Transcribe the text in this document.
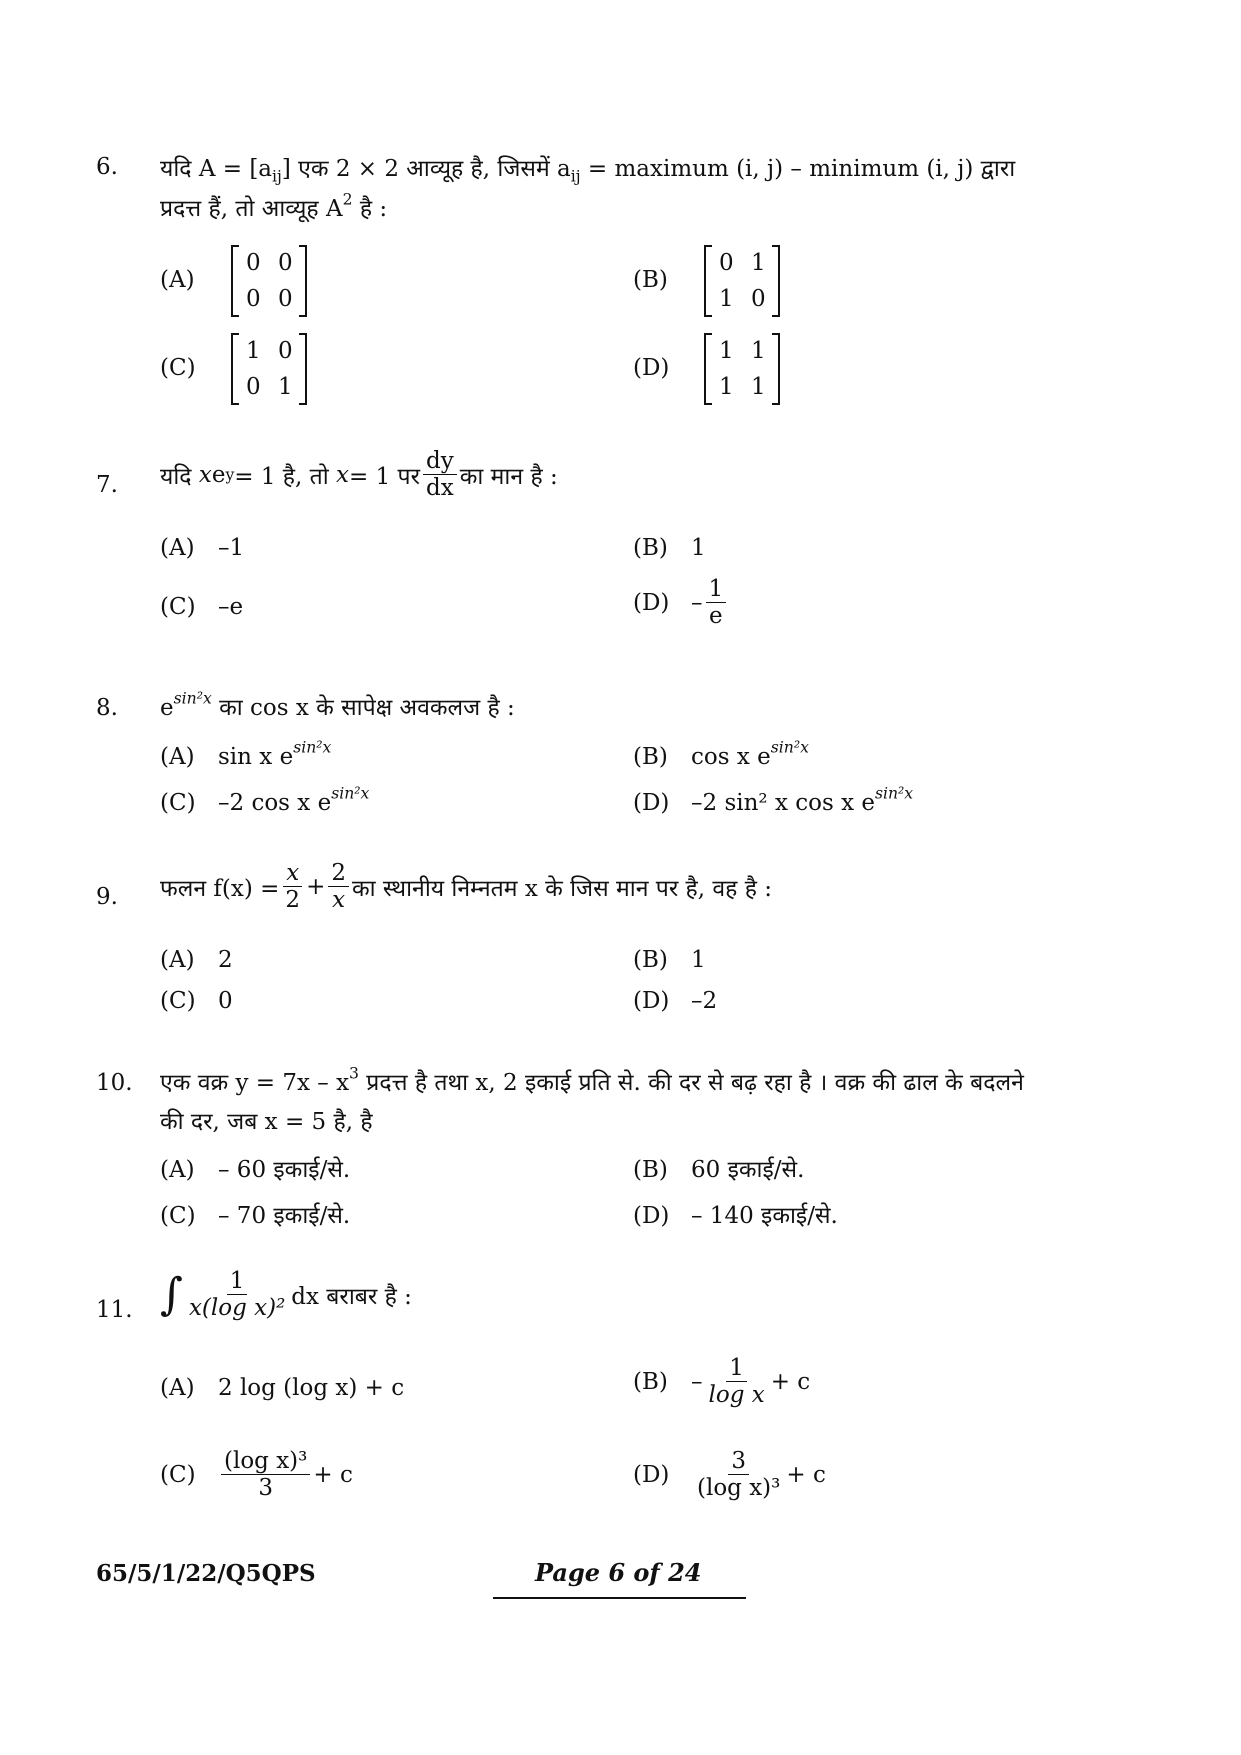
6. यदि $A = [a_{ij}]$ एक 2 × 2 आव्यूह है, जिसमें $a_{ij}$ = maximum (i, j) – minimum (i, j) द्वारा
प्रदत्त हैं, तो आव्यूह $A^2$ है :
(A)
0 0
0 0
(B)
0 1
1 0
(C)
1 0
0 1
(D)
1 1
1 1
7. यदि
x e y = 1 है, तो
x = 1 पर $\frac{dy}{dx}$ का मान है :
(A) –1	(B) 1
(C) –e	$(D) - \frac{1}{e}$
8. $e^{sin^2x}$ का cos x के सापेक्ष अवकलज है :
(A) sin x $e^{sin^2x}$	(B) cos x $e^{sin^2x}$
(C) –2 cos x $e^{sin^2x}$	(D) –2 sin² x cos x $e^{sin^2x}$
9. फलन $f(x) = \frac{x}{2} + \frac{2}{x}$ का स्थानीय निम्नतम x के जिस मान पर है, वह है :
(A) 2	(B) 1
(C) 0	(D) –2
10. एक वक्र $y = 7x - x^3$ प्रदत्त है तथा x, 2 इकाई प्रति से. की दर से बढ़ रहा है । वक्र की ढाल के बदलने
की दर, जब x = 5 है, है
(A) – 60 इकाई/से.	(B) 60 इकाई/से.
(C) – 70 इकाई/से.	(D) – 140 इकाई/से.
11. ∫ $\frac{1}{\text{x(log x)²}}$ dx बराबर है :
(A) 2 log (log x) + c	(B)	– $\frac{1}{\text{log x}} + c$
(C)	$\frac{\text{(log x)³}}{3} + c$	(D)	$\frac{3}{\text{(log x)³}} + c$
65/5/1/22/Q5QPS	Page 6 of 24
